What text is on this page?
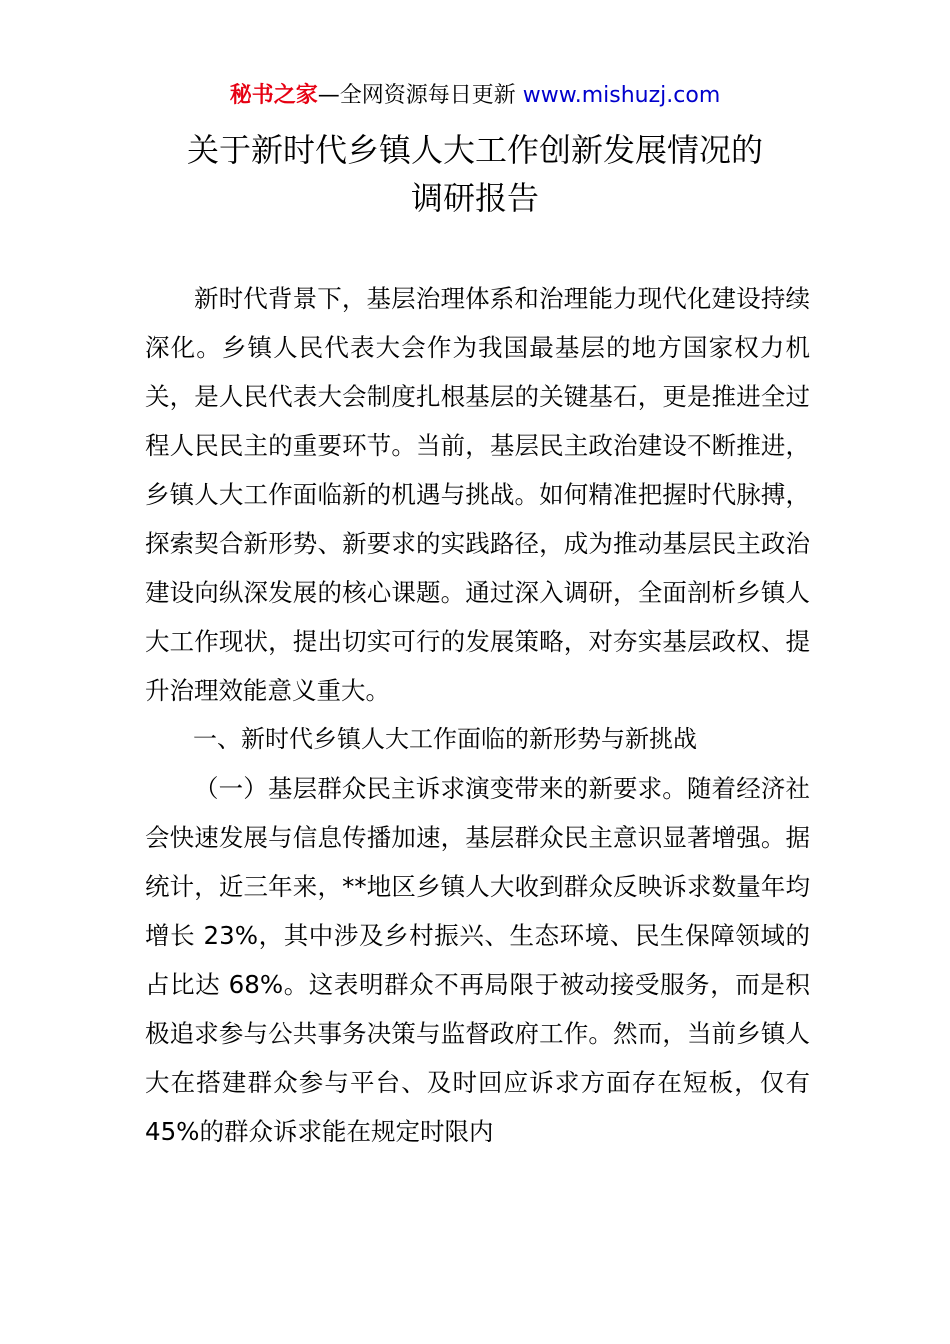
秘书之家—全网资源每日更新 www.mishuzj.com
关于新时代乡镇人大工作创新发展情况的
调研报告

新时代背景下，基层治理体系和治理能力现代化建设持续深化。乡镇人民代表大会作为我国最基层的地方国家权力机关，是人民代表大会制度扎根基层的关键基石，更是推进全过程人民民主的重要环节。当前，基层民主政治建设不断推进，乡镇人大工作面临新的机遇与挑战。如何精准把握时代脉搏，探索契合新形势、新要求的实践路径，成为推动基层民主政治建设向纵深发展的核心课题。通过深入调研，全面剖析乡镇人大工作现状，提出切实可行的发展策略，对夯实基层政权、提升治理效能意义重大。

一、新时代乡镇人大工作面临的新形势与新挑战

（一）基层群众民主诉求演变带来的新要求。随着经济社会快速发展与信息传播加速，基层群众民主意识显著增强。据统计，近三年来，**地区乡镇人大收到群众反映诉求数量年均增长 23%，其中涉及乡村振兴、生态环境、民生保障领域的占比达 68%。这表明群众不再局限于被动接受服务，而是积极追求参与公共事务决策与监督政府工作。然而，当前乡镇人大在搭建群众参与平台、及时回应诉求方面存在短板，仅有 45%的群众诉求能在规定时限内
